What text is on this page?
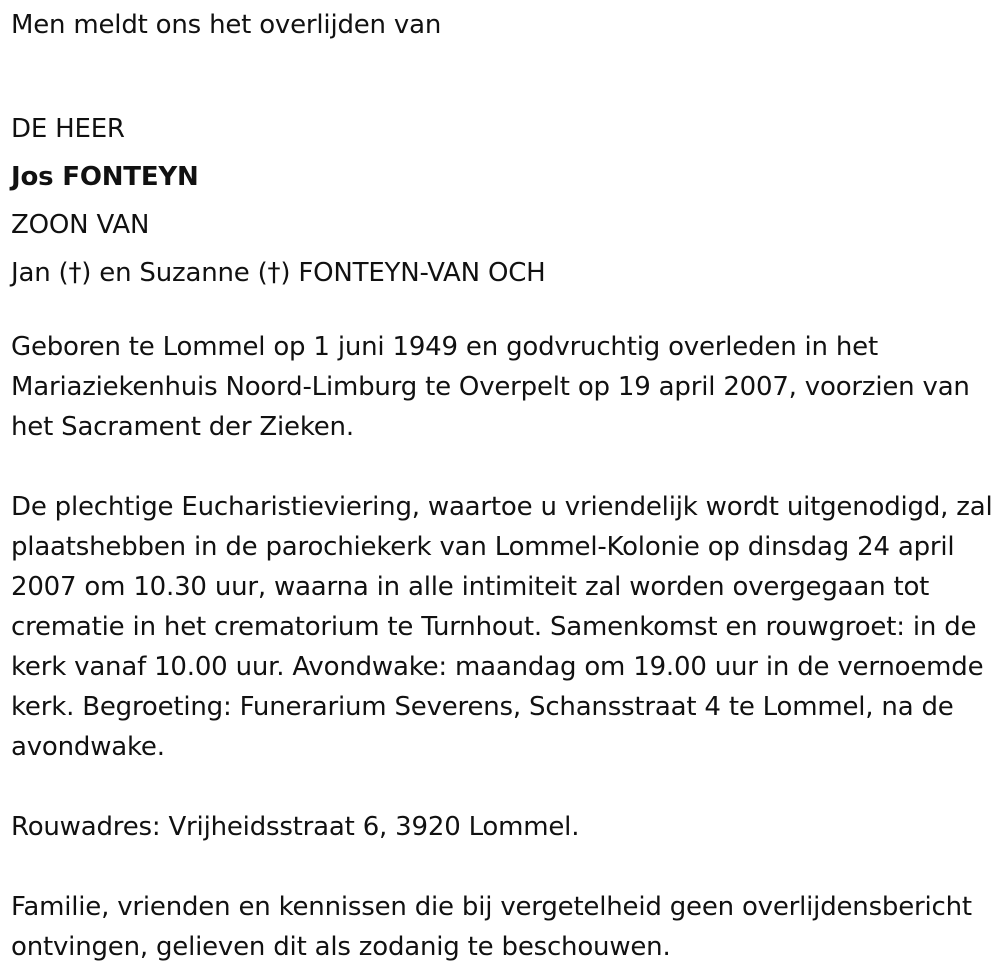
Men meldt ons het overlijden van
DE HEER
Jos FONTEYN
ZOON VAN
Jan (†) en Suzanne (†) FONTEYN-VAN OCH

Geboren te Lommel op 1 juni 1949 en godvruchtig overleden in het Mariaziekenhuis Noord-Limburg te Overpelt op 19 april 2007, voorzien van het Sacrament der Zieken.

De plechtige Eucharistieviering, waartoe u vriendelijk wordt uitgenodigd, zal plaatshebben in de parochiekerk van Lommel-Kolonie op dinsdag 24 april 2007 om 10.30 uur, waarna in alle intimiteit zal worden overgegaan tot crematie in het crematorium te Turnhout. Samenkomst en rouwgroet: in de kerk vanaf 10.00 uur. Avondwake: maandag om 19.00 uur in de vernoemde kerk. Begroeting: Funerarium Severens, Schansstraat 4 te Lommel, na de avondwake.

Rouwadres: Vrijheidsstraat 6, 3920 Lommel.

Familie, vrienden en kennissen die bij vergetelheid geen overlijdensbericht ontvingen, gelieven dit als zodanig te beschouwen.
